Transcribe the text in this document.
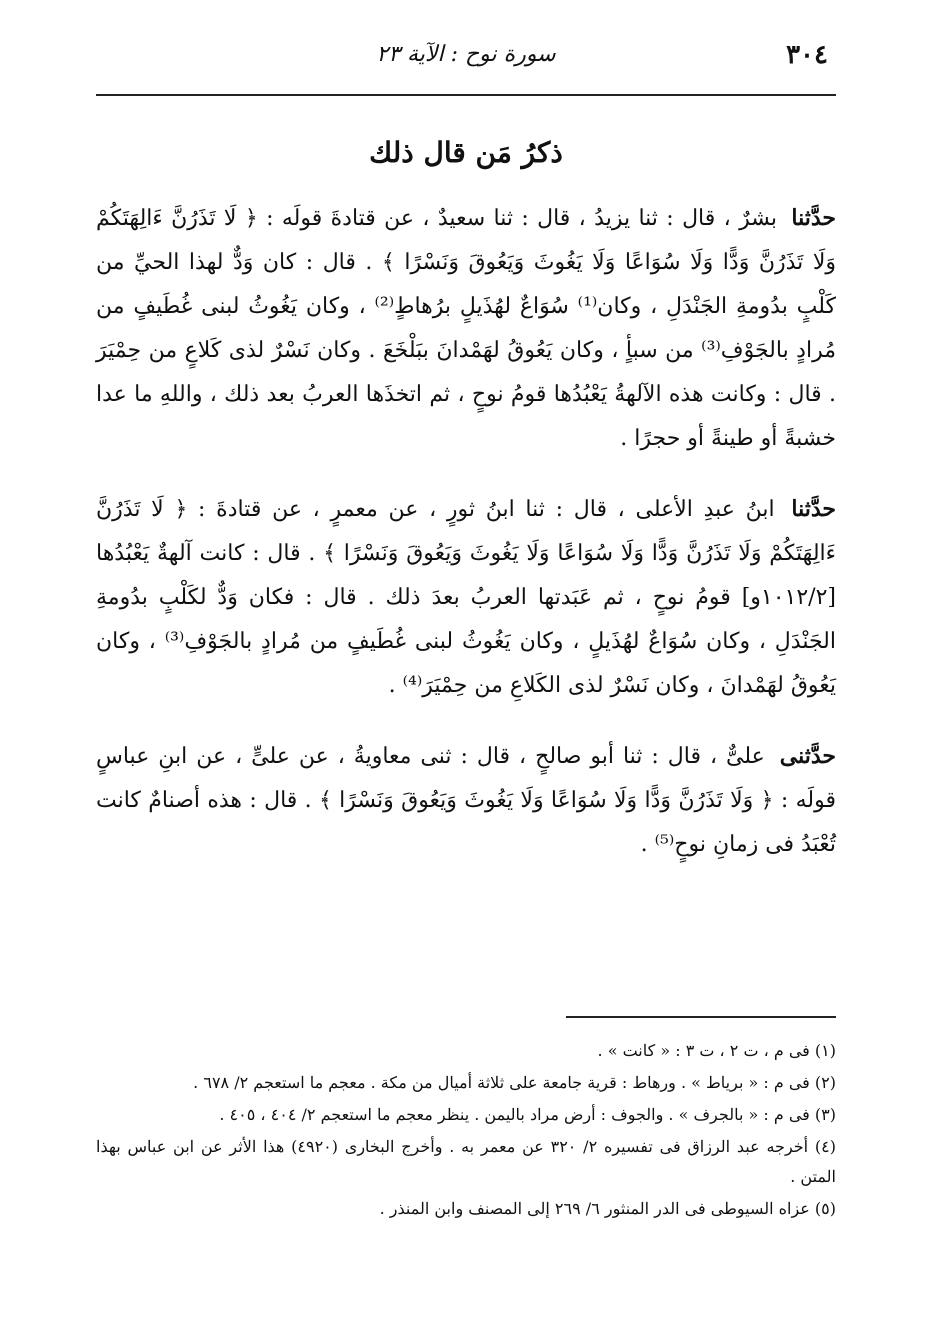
٣٠٤
سورة نوح : الآية ٢٣
ذكرُ مَن قال ذلك

حدَّثنا بشرٌ ، قال : ثنا يزيدُ ، قال : ثنا سعيدٌ ، عن قتادةَ قولَه : ﴿ لَا تَذَرُنَّ ءَالِهَتَكُمْ وَلَا تَذَرُنَّ وَدًّا وَلَا سُوَاعًا وَلَا يَغُوثَ وَيَعُوقَ وَنَسْرًا ﴾ . قال : كان وَدٌّ لهذا الحيِّ من كَلْبٍ بدُومةِ الجَنْدَلِ ، وكان⁽¹⁾ سُوَاعٌ لهُذَيلٍ برُهاطٍ⁽²⁾ ، وكان يَغُوثُ لبنى غُطَيفٍ من مُرادٍ بالجَوْفِ⁽³⁾ من سبأٍ ، وكان يَعُوقُ لهَمْدانَ ببَلْخَعَ . وكان نَسْرٌ لذى كَلاعٍ من حِمْيَرَ . قال : وكانت هذه الآلهةُ يَعْبُدُها قومُ نوحٍ ، ثم اتخذَها العربُ بعد ذلك ، واللهِ ما عدا خشبةً أو طينةً أو حجرًا .

حدَّثنا ابنُ عبدِ الأعلى ، قال : ثنا ابنُ ثورٍ ، عن معمرٍ ، عن قتادةَ : ﴿ لَا تَذَرُنَّ ءَالِهَتَكُمْ وَلَا تَذَرُنَّ وَدًّا وَلَا سُوَاعًا وَلَا يَغُوثَ وَيَعُوقَ وَنَسْرًا ﴾ . قال : كانت آلهةٌ يَعْبُدُها [١٠١٢/٢و] قومُ نوحٍ ، ثم عَبَدتها العربُ بعدَ ذلك . قال : فكان وَدٌّ لكَلْبٍ بدُومةِ الجَنْدَلِ ، وكان سُوَاعٌ لهُذَيلٍ ، وكان يَغُوثُ لبنى غُطَيفٍ من مُرادٍ بالجَوْفِ⁽³⁾ ، وكان يَعُوقُ لهَمْدانَ ، وكان نَسْرٌ لذى الكَلاعِ من حِمْيَرَ⁽⁴⁾ .

حدَّثنى علىٌّ ، قال : ثنا أبو صالحٍ ، قال : ثنى معاويةُ ، عن علىٍّ ، عن ابنِ عباسٍ قولَه : ﴿ وَلَا تَذَرُنَّ وَدًّا وَلَا سُوَاعًا وَلَا يَغُوثَ وَيَعُوقَ وَنَسْرًا ﴾ . قال : هذه أصنامٌ كانت تُعْبَدُ فى زمانِ نوحٍ⁽⁵⁾ .

(١) فى م ، ت ٢ ، ت ٣ : « كانت » .

(٢) فى م : « برياط » . ورهاط : قرية جامعة على ثلاثة أميال من مكة . معجم ما استعجم ٢/ ٦٧٨ .

(٣) فى م : « بالجرف » . والجوف : أرض مراد باليمن . ينظر معجم ما استعجم ٢/ ٤٠٤ ، ٤٠٥ .

(٤) أخرجه عبد الرزاق فى تفسيره ٢/ ٣٢٠ عن معمر به . وأخرج البخارى (٤٩٢٠) هذا الأثر عن ابن عباس بهذا المتن .

(٥) عزاه السيوطى فى الدر المنثور ٦/ ٢٦٩ إلى المصنف وابن المنذر .
